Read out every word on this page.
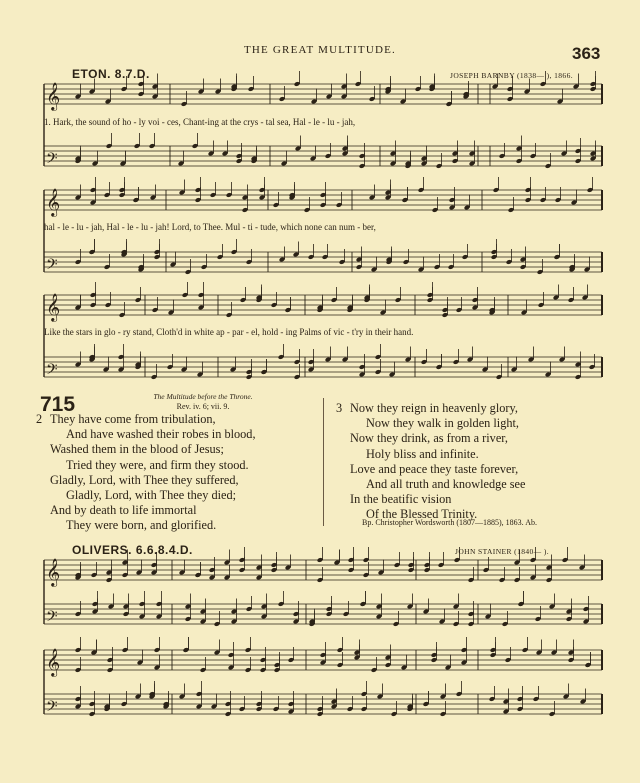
THE GREAT MULTITUDE.	363
ETON. 8.7.D.	JOSEPH BARNBY (1838— ), 1866.
1. Hark, the sound of ho - ly voi - ces, Chant-ing at the crys - tal sea, Hal - le - lu - jah,
hal - le - lu - jah, Hal - le - lu - jah! Lord, to Thee. Mul - ti - tude, which none can num - ber,
Like the stars in glo - ry stand, Cloth'd in white ap - par - el, hold - ing Palms of vic - t'ry in their hand.
715	The Multitude before the Throne.
Rev. iv. 6; vii. 9.
2 They have come from tribulation,
And have washed their robes in blood,
Washed them in the blood of Jesus;
Tried they were, and firm they stood.
Gladly, Lord, with Thee they suffered,
Gladly, Lord, with Thee they died;
And by death to life immortal
They were born, and glorified.
3 Now they reign in heavenly glory,
Now they walk in golden light,
Now they drink, as from a river,
Holy bliss and infinite.
Love and peace they taste forever,
And all truth and knowledge see
In the beatific vision
Of the Blessed Trinity.
Bp. Christopher Wordsworth (1807—1885), 1863. Ab.
OLIVERS. 6.6.8.4.D.	JOHN STAINER (1840— ).
𝄞
𝄢
𝄞
𝄢
𝄞
𝄢
𝄞
𝄢
𝄞
𝄢
